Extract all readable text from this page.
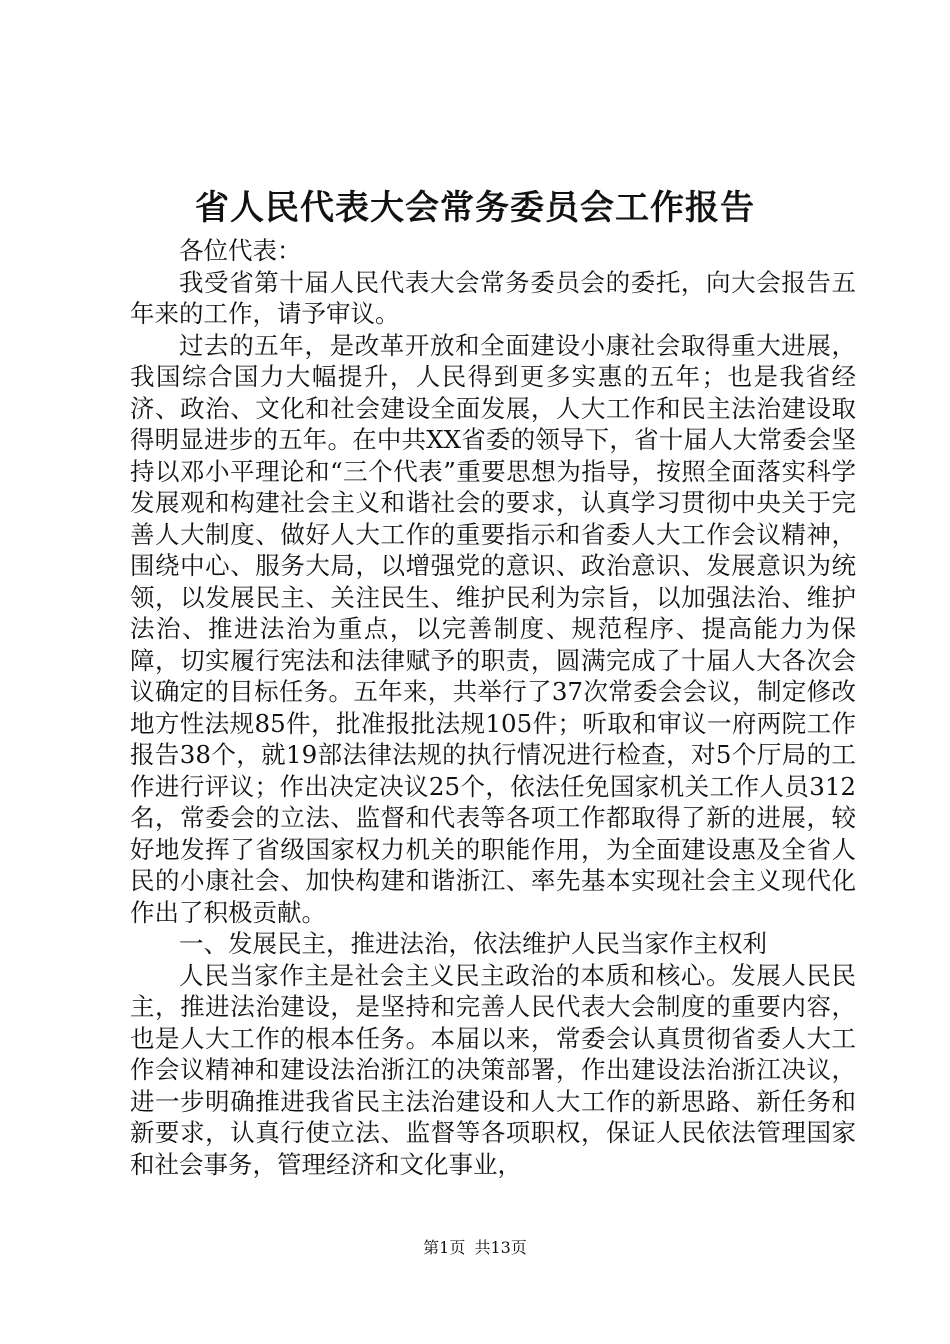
省人民代表大会常务委员会工作报告

各位代表：

我受省第十届人民代表大会常务委员会的委托，向大会报告五年来的工作，请予审议。

过去的五年，是改革开放和全面建设小康社会取得重大进展，我国综合国力大幅提升，人民得到更多实惠的五年；也是我省经济、政治、文化和社会建设全面发展，人大工作和民主法治建设取得明显进步的五年。在中共XX省委的领导下，省十届人大常委会坚持以邓小平理论和“三个代表”重要思想为指导，按照全面落实科学发展观和构建社会主义和谐社会的要求，认真学习贯彻中央关于完善人大制度、做好人大工作的重要指示和省委人大工作会议精神，围绕中心、服务大局，以增强党的意识、政治意识、发展意识为统领，以发展民主、关注民生、维护民利为宗旨，以加强法治、维护法治、推进法治为重点，以完善制度、规范程序、提高能力为保障，切实履行宪法和法律赋予的职责，圆满完成了十届人大各次会议确定的目标任务。五年来，共举行了37次常委会会议，制定修改地方性法规85件，批准报批法规105件；听取和审议一府两院工作报告38个，就19部法律法规的执行情况进行检查，对5个厅局的工作进行评议；作出决定决议25个，依法任免国家机关工作人员312名，常委会的立法、监督和代表等各项工作都取得了新的进展，较好地发挥了省级国家权力机关的职能作用，为全面建设惠及全省人民的小康社会、加快构建和谐浙江、率先基本实现社会主义现代化作出了积极贡献。

一、发展民主，推进法治，依法维护人民当家作主权利

人民当家作主是社会主义民主政治的本质和核心。发展人民民主，推进法治建设，是坚持和完善人民代表大会制度的重要内容，也是人大工作的根本任务。本届以来，常委会认真贯彻省委人大工作会议精神和建设法治浙江的决策部署，作出建设法治浙江决议，进一步明确推进我省民主法治建设和人大工作的新思路、新任务和新要求，认真行使立法、监督等各项职权，保证人民依法管理国家和社会事务，管理经济和文化事业，

第1页 共13页
